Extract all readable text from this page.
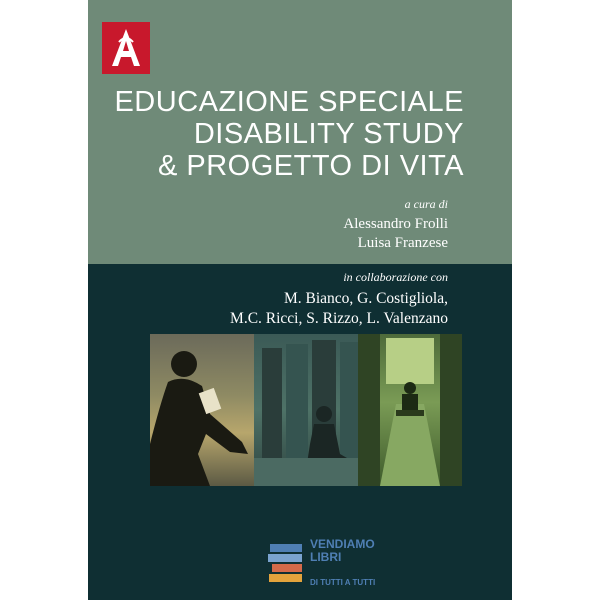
EDUCAZIONE SPECIALE
DISABILITY STUDY
& PROGETTO DI VITA
a cura di
Alessandro Frolli
Luisa Franzese
in collaborazione con
M. Bianco, G. Costigliola,
M.C. Ricci, S. Rizzo, L. Valenzano
VENDIAMO
LIBRI
DI TUTTI A TUTTI
